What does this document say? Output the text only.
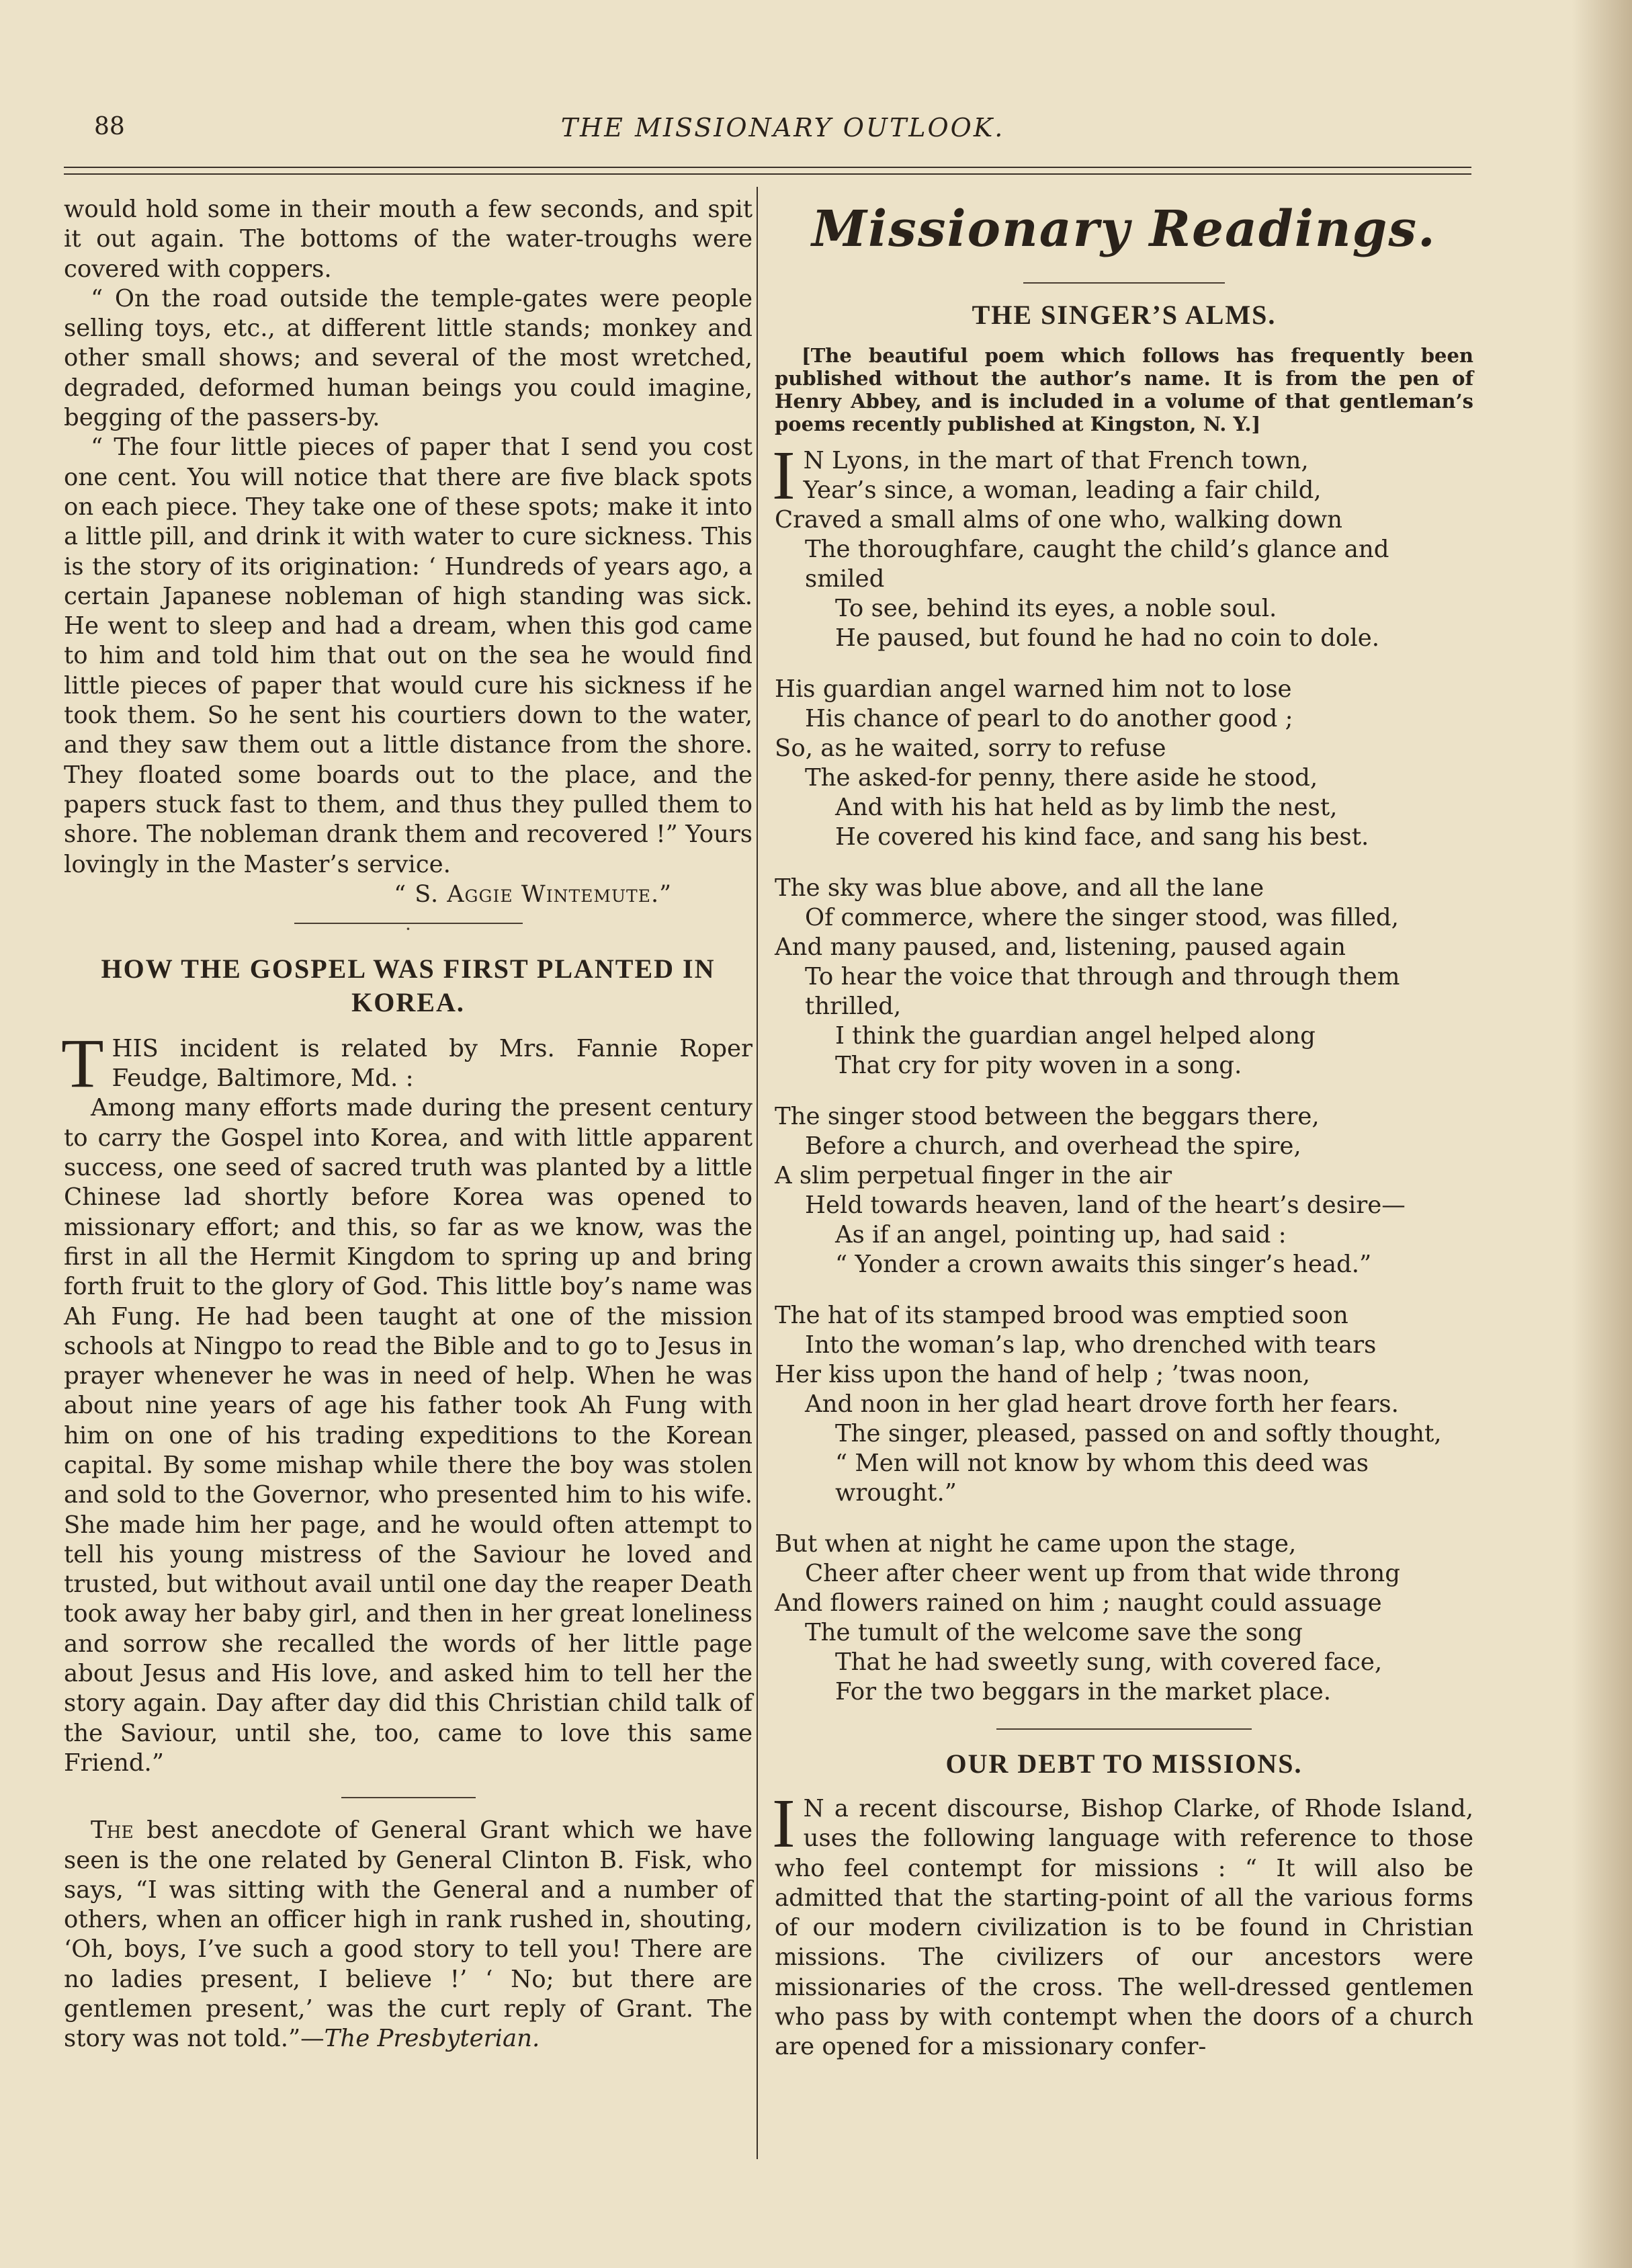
88	THE MISSIONARY OUTLOOK.

would hold some in their mouth a few seconds, and spit it out again. The bottoms of the water-troughs were covered with coppers.

“ On the road outside the temple-gates were people selling toys, etc., at different little stands; monkey and other small shows; and several of the most wretched, degraded, deformed human beings you could imagine, begging of the passers-by.

“ The four little pieces of paper that I send you cost one cent. You will notice that there are five black spots on each piece. They take one of these spots; make it into a little pill, and drink it with water to cure sickness. This is the story of its origination: ‘ Hundreds of years ago, a certain Japanese nobleman of high standing was sick. He went to sleep and had a dream, when this god came to him and told him that out on the sea he would find little pieces of paper that would cure his sickness if he took them. So he sent his courtiers down to the water, and they saw them out a little distance from the shore. They floated some boards out to the place, and the papers stuck fast to them, and thus they pulled them to shore. The nobleman drank them and recovered !” Yours lovingly in the Master’s service.

“ S. Aggie Wintemute.”

·
HOW THE GOSPEL WAS FIRST PLANTED IN KOREA.
T HIS incident is related by Mrs. Fannie Roper Feudge, Baltimore, Md. :

Among many efforts made during the present century to carry the Gospel into Korea, and with little apparent success, one seed of sacred truth was planted by a little Chinese lad shortly before Korea was opened to missionary effort; and this, so far as we know, was the first in all the Hermit Kingdom to spring up and bring forth fruit to the glory of God. This little boy’s name was Ah Fung. He had been taught at one of the mission schools at Ningpo to read the Bible and to go to Jesus in prayer whenever he was in need of help. When he was about nine years of age his father took Ah Fung with him on one of his trading expeditions to the Korean capital. By some mishap while there the boy was stolen and sold to the Governor, who presented him to his wife. She made him her page, and he would often attempt to tell his young mistress of the Saviour he loved and trusted, but without avail until one day the reaper Death took away her baby girl, and then in her great loneliness and sorrow she recalled the words of her little page about Jesus and His love, and asked him to tell her the story again. Day after day did this Christian child talk of the Saviour, until she, too, came to love this same Friend.”

The best anecdote of General Grant which we have seen is the one related by General Clinton B. Fisk, who says, “I was sitting with the General and a number of others, when an officer high in rank rushed in, shouting, ‘Oh, boys, I’ve such a good story to tell you! There are no ladies present, I believe !’ ‘ No; but there are gentlemen present,’ was the curt reply of Grant. The story was not told.”—The Presbyterian.

Missionary Readings.
THE SINGER’S ALMS.

[The beautiful poem which follows has frequently been published without the author’s name. It is from the pen of Henry Abbey, and is included in a volume of that gentleman’s poems recently published at Kingston, N. Y.]

I N Lyons, in the mart of that French town,
Year’s since, a woman, leading a fair child,
Craved a small alms of one who, walking down
The thoroughfare, caught the child’s glance and smiled
To see, behind its eyes, a noble soul.
He paused, but found he had no coin to dole.
His guardian angel warned him not to lose
His chance of pearl to do another good ;
So, as he waited, sorry to refuse
The asked-for penny, there aside he stood,
And with his hat held as by limb the nest,
He covered his kind face, and sang his best.
The sky was blue above, and all the lane
Of commerce, where the singer stood, was filled,
And many paused, and, listening, paused again
To hear the voice that through and through them thrilled,
I think the guardian angel helped along
That cry for pity woven in a song.
The singer stood between the beggars there,
Before a church, and overhead the spire,
A slim perpetual finger in the air
Held towards heaven, land of the heart’s desire—
As if an angel, pointing up, had said :
“ Yonder a crown awaits this singer’s head.”
The hat of its stamped brood was emptied soon
Into the woman’s lap, who drenched with tears
Her kiss upon the hand of help ; ’twas noon,
And noon in her glad heart drove forth her fears.
The singer, pleased, passed on and softly thought,
“ Men will not know by whom this deed was wrought.”
But when at night he came upon the stage,
Cheer after cheer went up from that wide throng
And flowers rained on him ; naught could assuage
The tumult of the welcome save the song
That he had sweetly sung, with covered face,
For the two beggars in the market place.
OUR DEBT TO MISSIONS.
I N a recent discourse, Bishop Clarke, of Rhode Island, uses the following language with reference to those who feel contempt for missions : “ It will also be admitted that the starting-point of all the various forms of our modern civilization is to be found in Christian missions. The civilizers of our ancestors were missionaries of the cross. The well-dressed gentlemen who pass by with contempt when the doors of a church are opened for a missionary confer-
